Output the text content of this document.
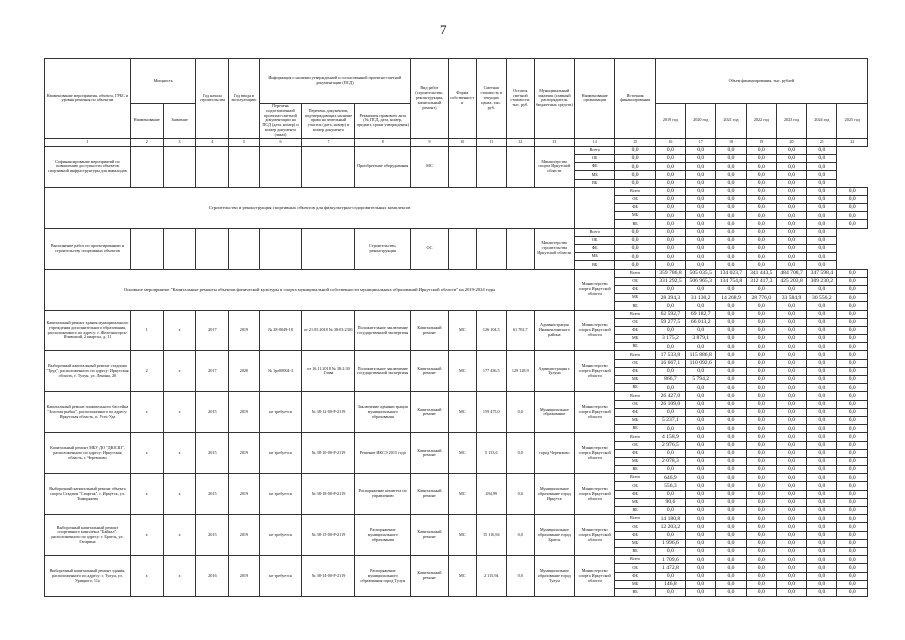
7
Наименование мероприятия, объекта, ГРБС и уровня решения по объектам	Мощность		Год начала строительства	Год ввода в эксплуатацию	Информация о наличии утвержденной и согласованной проектно-сметной документации (ПСД)			Вид работ (строительство, реконструкция, капитальный ремонт)	Форма собственности	Сметная стоимость в текущих ценах, тыс. руб.	Остаток сметной стоимости, тыс. руб.	Муниципальный заказчик (главный распорядитель бюджетных средств)	Наименование организации	Источник финансирования	Объем финансирования, тыс. рублей						
	Наименование	Значение			Перечень подготовленной проектно-сметной документации на ПСД (дата, номер) и номер документа (заказ)	Перечень документов, подтверждающих наличие права на земельный участок (дата, номер) и номер документа	Реквизиты правового акта (№ ПСД, дата, номер, предмет, сроки утверждения)								2019 год	2020 год	2021 год	2022 год	2023 год	2024 год	2025 год
1	2	3	4	5	6	7	8	9	10	11	12	13	14	15	16	17	18	19	20	21	22
Софинансирование мероприятий по повышению доступности объектов спортивной инфраструктуры для инвалидов							Приобретение оборудования	МС				Министерство спорта Иркутской области	Всего	0,0	0,0	0,0	0,0	0,0	0,0	0,0	
													ОБ	0,0	0,0	0,0	0,0	0,0	0,0	0,0	
													ФБ	0,0	0,0	0,0	0,0	0,0	0,0	0,0	
													МБ	0,0	0,0	0,0	0,0	0,0	0,0	0,0	
													ВБ	0,0	0,0	0,0	0,0	0,0	0,0	0,0	
Строительство и реконструкция спортивных объектов для физкультурно-оздоровительных комплексов														Всего	0,0	0,0	0,0	0,0	0,0	0,0	0,0
														ОБ	0,0	0,0	0,0	0,0	0,0	0,0	0,0
														ФБ	0,0	0,0	0,0	0,0	0,0	0,0	0,0
														МБ	0,0	0,0	0,0	0,0	0,0	0,0	0,0
														ВБ	0,0	0,0	0,0	0,0	0,0	0,0	0,0
Выполнение работ по проектированию и строительству спортивных объектов							Строительство, реконструкция	ОС				Министерство строительства Иркутской области	Всего	0,0	0,0	0,0	0,0	0,0	0,0	0,0	
													ОБ	0,0	0,0	0,0	0,0	0,0	0,0	0,0	
													ФБ	0,0	0,0	0,0	0,0	0,0	0,0	0,0	
													МБ	0,0	0,0	0,0	0,0	0,0	0,0	0,0	
													ВБ	0,0	0,0	0,0	0,0	0,0	0,0	0,0	
Основное мероприятие "Капитальные ремонты объектов физической культуры и спорта муниципальной собственности муниципальных образований Иркутской области" на 2019-2024 годы													Министерство спорта Иркутской области	Всего	359 786,8	505 035,5	134 023,7	341 443,5	484 708,7	347 598,4	0,0
														ОБ	331 292,5	506 965,3	134 754,8	312 417,3	425 203,8	309 230,2	0,0
														ФБ	0,0	0,0	0,0	0,0	0,0	0,0	0,0
														МБ	28 394,3	31 130,2	14 268,9	28 776,0	33 584,9	30 556,2	0,0
														ВБ	0,0	0,0	0,0	0,0	0,0	0,0	0,0
Капитальный ремонт здания муниципального учреждения дополнительного образования, расположенного по адресу: г. Железногорск-Илимский, 2 квартал, д. 11	1	х	2017	2019	№ 28-0049-18	от 21.05.2018 № 38:03:2301	Положительное заключение государственной экспертизы	Капитальный ремонт	МС	126 104,5	61 702,7	Администрация Нижнеилимского района	Министерство спорта Иркутской области	Всего	62 592,7	69 182,7	0,0	0,0	0,0	0,0	0,0
														ОБ	59 277,5	66 013,2	0,0	0,0	0,0	0,0	0,0
														ФБ	0,0	0,0	0,0	0,0	0,0	0,0	0,0
														МБ	3 175,2	3 879,1	0,0	0,0	0,0	0,0	0,0
														ВБ	0,0	0,0	0,0	0,0	0,0	0,0	0,0
Выборочный капитальный ремонт стадиона "Труд", расположенного по адресу: Иркутская область, г. Тулун, ул. Ленина, 20	2	х	2017	2020	№ 1ре00004-3	от 16.11.2018 № 38:2:30 Глава	Положительное заключение государственной экспертизы	Капитальный ремонт	МС	177 436,5	129 128,9	Администрация г. Тулуна	Министерство спорта Иркутской области	Всего	17 533,8	115 886,8	0,0	0,0	0,0	0,0	0,0
														ОБ	16 667,1	110 092,6	0,0	0,0	0,0	0,0	0,0
														ФБ	0,0	0,0	0,0	0,0	0,0	0,0	0,0
														МБ	866,7	5 794,2	0,0	0,0	0,0	0,0	0,0
														ВБ	0,0	0,0	0,0	0,0	0,0	0,0	0,0
Капитальный ремонт плавательного бассейна "Золотая рыбка", расположенного по адресу: Иркутская область, п. Усть-Уда	х	х	2015	2019	не требуется	№ 38-12-00-Р-2119	Заключение администрации муниципального образования	Капитальный ремонт	МС	159 475,0	0,0	Муниципальное образование	Министерство спорта Иркутской области	Всего	26 427,0	0,0	0,0	0,0	0,0	0,0	0,0
														ОБ	26 109,0	0,0	0,0	0,0	0,0	0,0	0,0
														ФБ	0,0	0,0	0,0	0,0	0,0	0,0	0,0
														МБ	5 237,1	0,0	0,0	0,0	0,0	0,0	0,0
														ВБ	0,0	0,0	0,0	0,0	0,0	0,0	0,0
Капитальный ремонт МБУ ДО "ДЮСШ", расположенного по адресу: Иркутская область, г. Черемхово	х	х	2015	2019	не требуется	№ 38-10-00-Р-2119	Решение ИКСЭ 2015 года	Капитальный ремонт	МС	5 133,6	0,0	город Черемхово	Министерство спорта Иркутской области	Всего	4 158,9	0,0	0,0	0,0	0,0	0,0	0,0
														ОБ	2 976,5	0,0	0,0	0,0	0,0	0,0	0,0
														ФБ	0,0	0,0	0,0	0,0	0,0	0,0	0,0
														МБ	2 078,3	0,0	0,0	0,0	0,0	0,0	0,0
														ВБ	0,0	0,0	0,0	0,0	0,0	0,0	0,0
Выборочный капитальный ремонт объекта спорта Стадион "Спартак", г. Иркутск, ул. Тимирязева	х	х	2015	2019	не требуется	№ 38-18-00-Р-2119	Распоряжение комитета по управлению	Капитальный ремонт	МС	494,99	0,0	Муниципальное образование город Иркутск	Министерство спорта Иркутской области	Всего	646,9	0,0	0,0	0,0	0,0	0,0	0,0
														ОБ	556,3	0,0	0,0	0,0	0,0	0,0	0,0
														ФБ	0,0	0,0	0,0	0,0	0,0	0,0	0,0
														МБ	90,6	0,0	0,0	0,0	0,0	0,0	0,0
														ВБ	0,0	0,0	0,0	0,0	0,0	0,0	0,0
Выборочный капитальный ремонт спортивного комплекса "Байкал", расположенного по адресу: г. Братск, ул. Гагарина	х	х	2015	2019	не требуется	№ 38-15-00-Р-2119	Распоряжение муниципального образования	Капитальный ремонт	МС	15 116,94	0,0	Муниципальное образование город Братск	Министерство спорта Иркутской области	Всего	14 180,8	0,0	0,0	0,0	0,0	0,0	0,0
														ОБ	12 203,2	0,0	0,0	0,0	0,0	0,0	0,0
														ФБ	0,0	0,0	0,0	0,0	0,0	0,0	0,0
														МБ	1 996,6	0,0	0,0	0,0	0,0	0,0	0,0
														ВБ	0,0	0,0	0,0	0,0	0,0	0,0	0,0
Выборочный капитальный ремонт здания, расположенного по адресу: г. Тулун, ул. Урицкого, 11а	х	х	2016	2019	не требуется	№ 38-14-00-Р-2119	Распоряжение муниципального образования город Тулун	Капитальный ремонт	МС	2 115,94	0,0	Муниципальное образование город Тулун	Министерство спорта Иркутской области	Всего	1 709,6	0,0	0,0	0,0	0,0	0,0	0,0
														ОБ	1 472,8	0,0	0,0	0,0	0,0	0,0	0,0
														ФБ	0,0	0,0	0,0	0,0	0,0	0,0	0,0
														МБ	146,8	0,0	0,0	0,0	0,0	0,0	0,0
														ВБ	0,0	0,0	0,0	0,0	0,0	0,0	0,0
